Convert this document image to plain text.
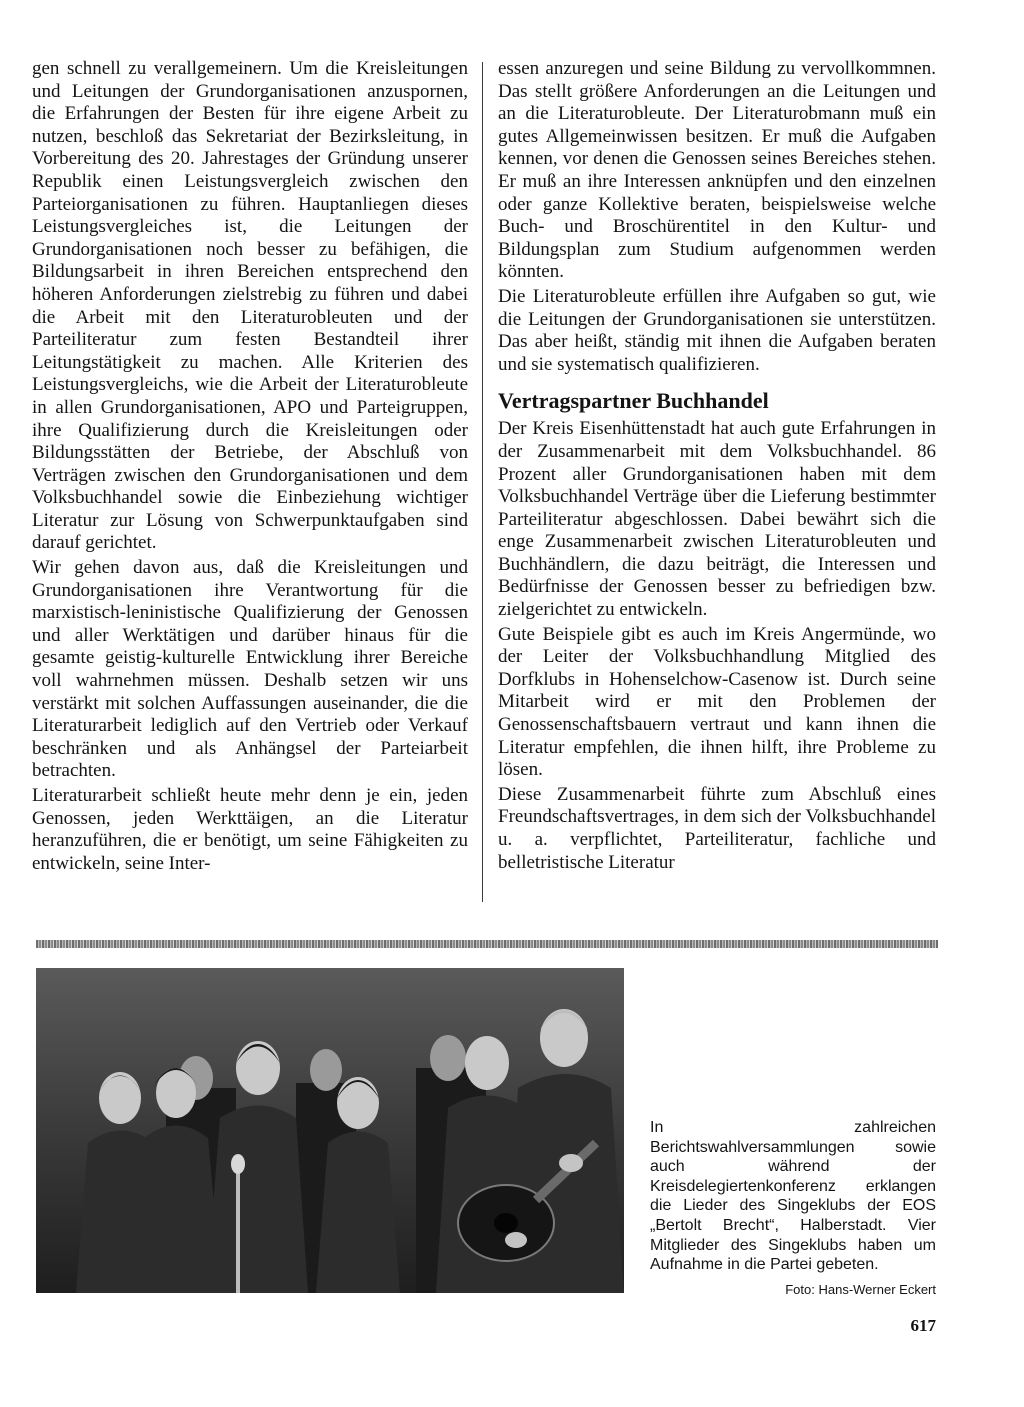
gen schnell zu verallgemeinern. Um die Kreisleitungen und Leitungen der Grundorganisationen anzuspornen, die Erfahrungen der Besten für ihre eigene Arbeit zu nutzen, beschloß das Sekretariat der Bezirksleitung, in Vorbereitung des 20. Jahrestages der Gründung unserer Republik einen Leistungsvergleich zwischen den Parteiorganisationen zu führen. Hauptanliegen dieses Leistungsvergleiches ist, die Leitungen der Grundorganisationen noch besser zu befähigen, die Bildungsarbeit in ihren Bereichen entsprechend den höheren Anforderungen zielstrebig zu führen und dabei die Arbeit mit den Literaturobleuten und der Parteiliteratur zum festen Bestandteil ihrer Leitungstätigkeit zu machen. Alle Kriterien des Leistungsvergleichs, wie die Arbeit der Literaturobleute in allen Grundorganisationen, APO und Parteigruppen, ihre Qualifizierung durch die Kreisleitungen oder Bildungsstätten der Betriebe, der Abschluß von Verträgen zwischen den Grundorganisationen und dem Volksbuchhandel sowie die Einbeziehung wichtiger Literatur zur Lösung von Schwerpunktaufgaben sind darauf gerichtet.

Wir gehen davon aus, daß die Kreisleitungen und Grundorganisationen ihre Verantwortung für die marxistisch-leninistische Qualifizierung der Genossen und aller Werktätigen und darüber hinaus für die gesamte geistig-kulturelle Entwicklung ihrer Bereiche voll wahrnehmen müssen. Deshalb setzen wir uns verstärkt mit solchen Auffassungen auseinander, die die Literaturarbeit lediglich auf den Vertrieb oder Verkauf beschränken und als Anhängsel der Parteiarbeit betrachten.

Literaturarbeit schließt heute mehr denn je ein, jeden Genossen, jeden Werkttäigen, an die Literatur heranzuführen, die er benötigt, um seine Fähigkeiten zu entwickeln, seine Inter-

essen anzuregen und seine Bildung zu vervollkommnen. Das stellt größere Anforderungen an die Leitungen und an die Literaturobleute. Der Literaturobmann muß ein gutes Allgemeinwissen besitzen. Er muß die Aufgaben kennen, vor denen die Genossen seines Bereiches stehen. Er muß an ihre Interessen anknüpfen und den einzelnen oder ganze Kollektive beraten, beispielsweise welche Buch- und Broschürentitel in den Kultur- und Bildungsplan zum Studium aufgenommen werden könnten.

Die Literaturobleute erfüllen ihre Aufgaben so gut, wie die Leitungen der Grundorganisationen sie unterstützen. Das aber heißt, ständig mit ihnen die Aufgaben beraten und sie systematisch qualifizieren.

Vertragspartner Buchhandel

Der Kreis Eisenhüttenstadt hat auch gute Erfahrungen in der Zusammenarbeit mit dem Volksbuchhandel. 86 Prozent aller Grundorganisationen haben mit dem Volksbuchhandel Verträge über die Lieferung bestimmter Parteiliteratur abgeschlossen. Dabei bewährt sich die enge Zusammenarbeit zwischen Literaturobleuten und Buchhändlern, die dazu beiträgt, die Interessen und Bedürfnisse der Genossen besser zu befriedigen bzw. zielgerichtet zu entwickeln.

Gute Beispiele gibt es auch im Kreis Angermünde, wo der Leiter der Volksbuchhandlung Mitglied des Dorfklubs in Hohenselchow-Casenow ist. Durch seine Mitarbeit wird er mit den Problemen der Genossenschaftsbauern vertraut und kann ihnen die Literatur empfehlen, die ihnen hilft, ihre Probleme zu lösen.

Diese Zusammenarbeit führte zum Abschluß eines Freundschaftsvertrages, in dem sich der Volksbuchhandel u. a. verpflichtet, Parteiliteratur, fachliche und belletristische Literatur

In zahlreichen Berichtswahlversammlungen sowie auch während der Kreisdelegiertenkonferenz erklangen die Lieder des Singeklubs der EOS „Bertolt Brecht“, Halberstadt. Vier Mitglieder des Singeklubs haben um Aufnahme in die Partei gebeten.
Foto: Hans-Werner Eckert
617
